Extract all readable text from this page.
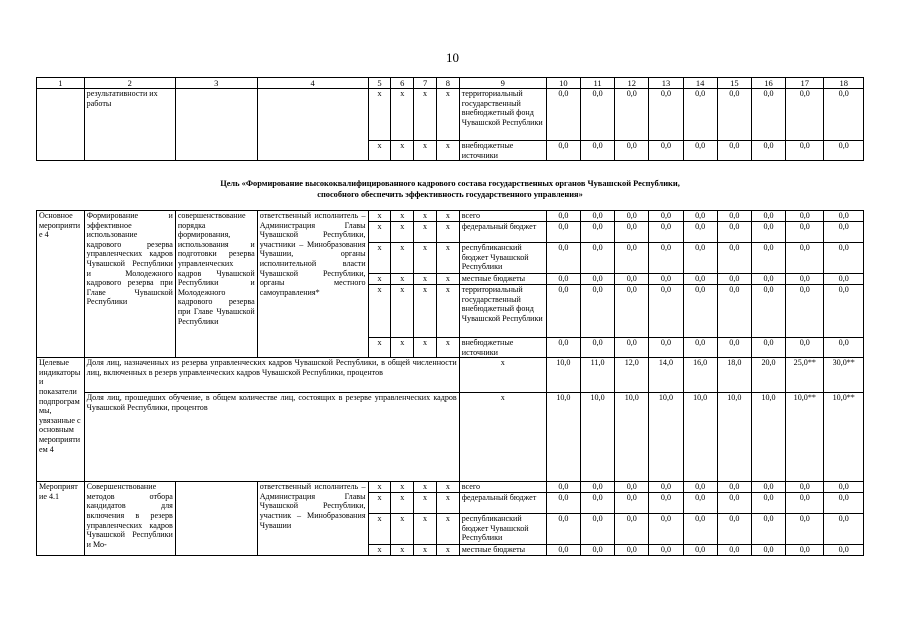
10
1	2	3	4	5	6	7	8	9	10	11	12	13	14	15	16	17	18
	результативности их работы			x	x	x	x	территориальный государственный внебюджетный фонд Чувашской Республики	0,0	0,0	0,0	0,0	0,0	0,0	0,0	0,0	0,0
				x	x	x	x	внебюджетные источники	0,0	0,0	0,0	0,0	0,0	0,0	0,0	0,0	0,0
Цель «Формирование высококвалифицированного кадрового состава государственных органов Чувашской Республики,
способного обеспечить эффективность государственного управления»
Основное мероприятие 4	Формирование и эффективное использование кадрового резерва управленческих кадров Чувашской Республики и Молодежного кадрового резерва при Главе Чувашской Республики	совершенствование порядка формирования, использования и подготовки резерва управленческих кадров Чувашской Республики и Молодежного кадрового резерва при Главе Чувашской Республики	ответственный исполнитель – Администрация Главы Чувашской Республики, участники – Минобразования Чувашии, органы исполнительной власти Чувашской Республики, органы местного самоуправления*	x	x	x	x	всего	0,0	0,0	0,0	0,0	0,0	0,0	0,0	0,0	0,0
				x	x	x	x	федеральный бюджет	0,0	0,0	0,0	0,0	0,0	0,0	0,0	0,0	0,0
				x	x	x	x	республиканский бюджет Чувашской Республики	0,0	0,0	0,0	0,0	0,0	0,0	0,0	0,0	0,0
				x	x	x	x	местные бюджеты	0,0	0,0	0,0	0,0	0,0	0,0	0,0	0,0	0,0
				x	x	x	x	территориальный государственный внебюджетный фонд Чувашской Республики	0,0	0,0	0,0	0,0	0,0	0,0	0,0	0,0	0,0
				x	x	x	x	внебюджетные источники	0,0	0,0	0,0	0,0	0,0	0,0	0,0	0,0	0,0
Целевые индикаторы и показатели подпрограммы, увязанные с основным мероприятием 4	Доля лиц, назначенных из резерва управленческих кадров Чувашской Республики, в общей численности лиц, включенных в резерв управленческих кадров Чувашской Республики, процентов							x	10,0	11,0	12,0	14,0	16,0	18,0	20,0	25,0**	30,0**
	Доля лиц, прошедших обучение, в общем количестве лиц, состоящих в резерве управленческих кадров Чувашской Республики, процентов							x	10,0	10,0	10,0	10,0	10,0	10,0	10,0	10,0**	10,0**
Мероприятие 4.1	Совершенствование методов отбора кандидатов для включения в резерв управленческих кадров Чувашской Республики и Мо-		ответственный исполнитель – Администрация Главы Чувашской Республики, участник – Минобразования Чувашии	x	x	x	x	всего	0,0	0,0	0,0	0,0	0,0	0,0	0,0	0,0	0,0
				x	x	x	x	федеральный бюджет	0,0	0,0	0,0	0,0	0,0	0,0	0,0	0,0	0,0
				x	x	x	x	республиканский бюджет Чувашской Республики	0,0	0,0	0,0	0,0	0,0	0,0	0,0	0,0	0,0
				x	x	x	x	местные бюджеты	0,0	0,0	0,0	0,0	0,0	0,0	0,0	0,0	0,0
